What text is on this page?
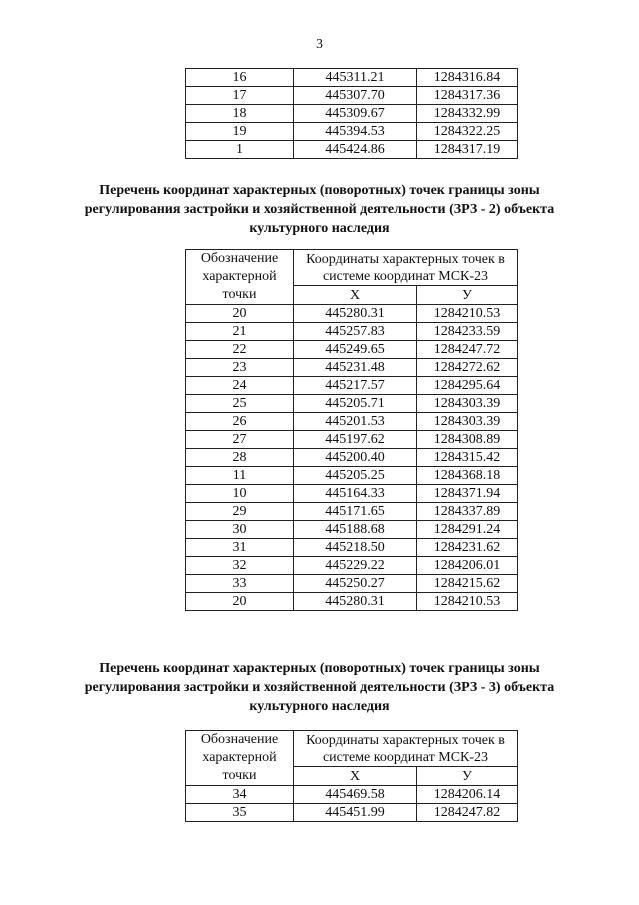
3
16	445311.21	1284316.84
17	445307.70	1284317.36
18	445309.67	1284332.99
19	445394.53	1284322.25
1	445424.86	1284317.19
Перечень координат характерных (поворотных) точек границы зоны регулирования застройки и хозяйственной деятельности (ЗРЗ - 2) объекта культурного наследия
Обозначение характерной точки	Координаты характерных точек в системе координат МСК-23	
	Х	У
20	445280.31	1284210.53
21	445257.83	1284233.59
22	445249.65	1284247.72
23	445231.48	1284272.62
24	445217.57	1284295.64
25	445205.71	1284303.39
26	445201.53	1284303.39
27	445197.62	1284308.89
28	445200.40	1284315.42
11	445205.25	1284368.18
10	445164.33	1284371.94
29	445171.65	1284337.89
30	445188.68	1284291.24
31	445218.50	1284231.62
32	445229.22	1284206.01
33	445250.27	1284215.62
20	445280.31	1284210.53
Перечень координат характерных (поворотных) точек границы зоны регулирования застройки и хозяйственной деятельности (ЗРЗ - 3) объекта культурного наследия
Обозначение характерной точки	Координаты характерных точек в системе координат МСК-23	
	Х	У
34	445469.58	1284206.14
35	445451.99	1284247.82
